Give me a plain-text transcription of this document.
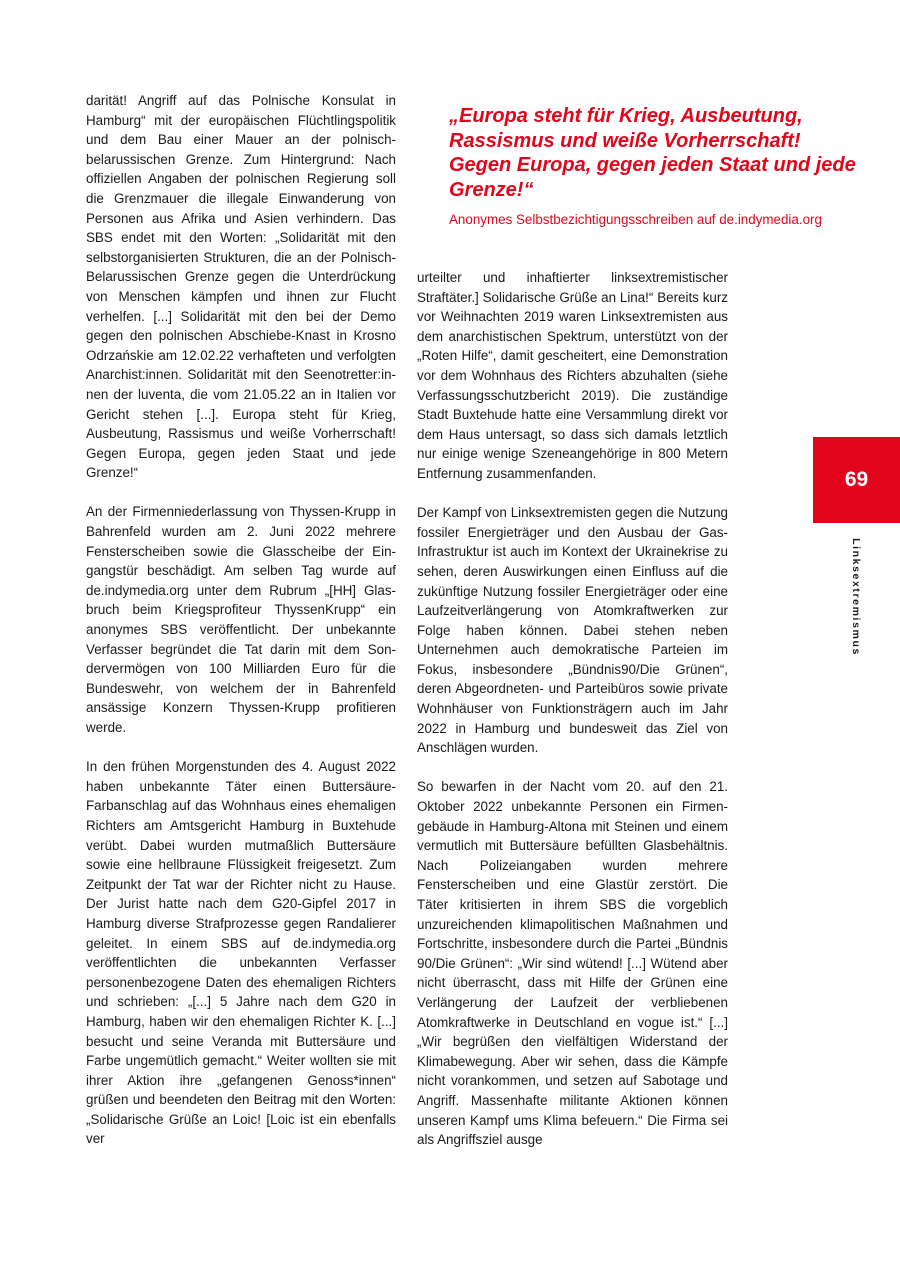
„Europa steht für Krieg, Ausbeutung, Rassismus und weiße Vorherrschaft! Gegen Europa, gegen jeden Staat und jede Grenze!“

Anonymes Selbstbezichtigungsschreiben auf de.indymedia.org

darität! Angriff auf das Polnische Konsulat in Hamburg“ mit der europäischen Flüchtlingspolitik und dem Bau einer Mauer an der polnisch-belarussischen Grenze. Zum Hintergrund: Nach offiziellen Angaben der polnischen Regierung soll die Grenzmauer die illegale Einwanderung von Personen aus Afrika und Asien verhindern. Das SBS endet mit den Worten: „Solidarität mit den selbstorganisierten Strukturen, die an der Polnisch-Belarussischen Grenze gegen die Unterdrückung von Menschen kämpfen und ihnen zur Flucht verhelfen. [...] Solidarität mit den bei der Demo gegen den polnischen Abschiebe-Knast in Krosno Odrzańskie am 12.02.22 verhafteten und verfolgten Anarchist:innen. Solidarität mit den Seenotretter:innen der luventa, die vom 21.05.22 an in Italien vor Gericht stehen [...]. Europa steht für Krieg, Ausbeutung, Rassismus und weiße Vorherrschaft! Gegen Europa, gegen jeden Staat und jede Grenze!“

An der Firmenniederlassung von Thyssen-Krupp in Bahrenfeld wurden am 2. Juni 2022 mehrere Fensterscheiben sowie die Glasscheibe der Eingangstür beschädigt. Am selben Tag wurde auf de.indymedia.org unter dem Rubrum „[HH] Glasbruch beim Kriegsprofiteur ThyssenKrupp“ ein anonymes SBS veröffentlicht. Der unbekannte Verfasser begründet die Tat darin mit dem Sondervermögen von 100 Milliarden Euro für die Bundeswehr, von welchem der in Bahrenfeld ansässige Konzern Thyssen-Krupp profitieren werde.

In den frühen Morgenstunden des 4. August 2022 haben unbekannte Täter einen Buttersäure-Farbanschlag auf das Wohnhaus eines ehemaligen Richters am Amtsgericht Hamburg in Buxtehude verübt. Dabei wurden mutmaßlich Buttersäure sowie eine hellbraune Flüssigkeit freigesetzt. Zum Zeitpunkt der Tat war der Richter nicht zu Hause. Der Jurist hatte nach dem G20-Gipfel 2017 in Hamburg diverse Strafprozesse gegen Randalierer geleitet. In einem SBS auf de.indymedia.org veröffentlichten die unbekannten Verfasser personenbezogene Daten des ehemaligen Richters und schrieben: „[...] 5 Jahre nach dem G20 in Hamburg, haben wir den ehemaligen Richter K. [...] besucht und seine Veranda mit Buttersäure und Farbe ungemütlich gemacht.“ Weiter wollten sie mit ihrer Aktion ihre „gefangenen Genoss*innen“ grüßen und beendeten den Beitrag mit den Worten: „Solidarische Grüße an Loic! [Loic ist ein ebenfalls ver

urteilter und inhaftierter linksextremistischer Straftäter.] Solidarische Grüße an Lina!“ Bereits kurz vor Weihnachten 2019 waren Linksextremisten aus dem anarchistischen Spektrum, unterstützt von der „Roten Hilfe“, damit gescheitert, eine Demonstration vor dem Wohnhaus des Richters abzuhalten (siehe Verfassungsschutzbericht 2019). Die zuständige Stadt Buxtehude hatte eine Versammlung direkt vor dem Haus untersagt, so dass sich damals letztlich nur einige wenige Szeneangehörige in 800 Metern Entfernung zusammenfanden.

Der Kampf von Linksextremisten gegen die Nutzung fossiler Energieträger und den Ausbau der Gas-Infrastruktur ist auch im Kontext der Ukrainekrise zu sehen, deren Auswirkungen einen Einfluss auf die zukünftige Nutzung fossiler Energieträger oder eine Laufzeitverlängerung von Atomkraftwerken zur Folge haben können. Dabei stehen neben Unternehmen auch demokratische Parteien im Fokus, insbesondere „Bündnis90/Die Grünen“, deren Abgeordneten- und Parteibüros sowie private Wohnhäuser von Funktionsträgern auch im Jahr 2022 in Hamburg und bundesweit das Ziel von Anschlägen wurden.

So bewarfen in der Nacht vom 20. auf den 21. Oktober 2022 unbekannte Personen ein Firmengebäude in Hamburg-Altona mit Steinen und einem vermutlich mit Buttersäure befüllten Glasbehältnis. Nach Polizeiangaben wurden mehrere Fensterscheiben und eine Glastür zerstört. Die Täter kritisierten in ihrem SBS die vorgeblich unzureichenden klimapolitischen Maßnahmen und Fortschritte, insbesondere durch die Partei „Bündnis 90/Die Grünen“: „Wir sind wütend! [...] Wütend aber nicht überrascht, dass mit Hilfe der Grünen eine Verlängerung der Laufzeit der verbliebenen Atomkraftwerke in Deutschland en vogue ist.“ [...] „Wir begrüßen den vielfältigen Widerstand der Klimabewegung. Aber wir sehen, dass die Kämpfe nicht vorankommen, und setzen auf Sabotage und Angriff. Massenhafte militante Aktionen können unseren Kampf ums Klima befeuern.“ Die Firma sei als Angriffsziel ausge

69
Linksextremismus
